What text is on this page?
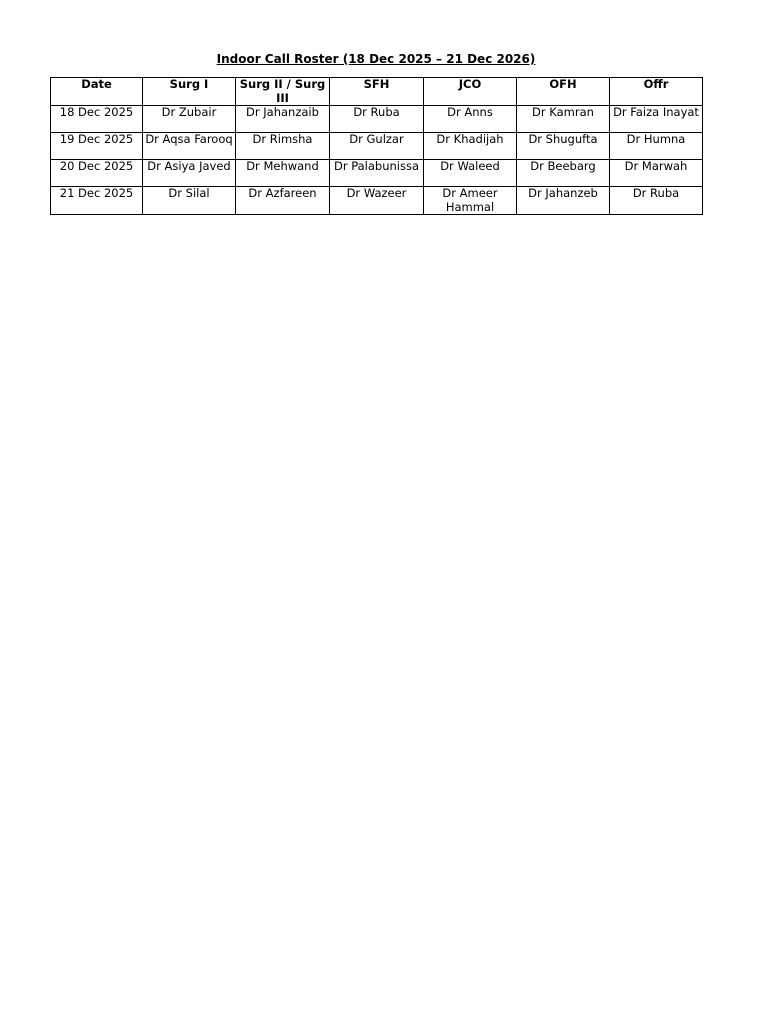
Indoor Call Roster (18 Dec 2025 – 21 Dec 2026)
Date	Surg I	Surg II / Surg III	SFH	JCO	OFH	Offr
18 Dec 2025	Dr Zubair	Dr Jahanzaib	Dr Ruba	Dr Anns	Dr Kamran	Dr Faiza Inayat
19 Dec 2025	Dr Aqsa Farooq	Dr Rimsha	Dr Gulzar	Dr Khadijah	Dr Shugufta	Dr Humna
20 Dec 2025	Dr Asiya Javed	Dr Mehwand	Dr Palabunissa	Dr Waleed	Dr Beebarg	Dr Marwah
21 Dec 2025	Dr Silal	Dr Azfareen	Dr Wazeer	Dr Ameer Hammal	Dr Jahanzeb	Dr Ruba
